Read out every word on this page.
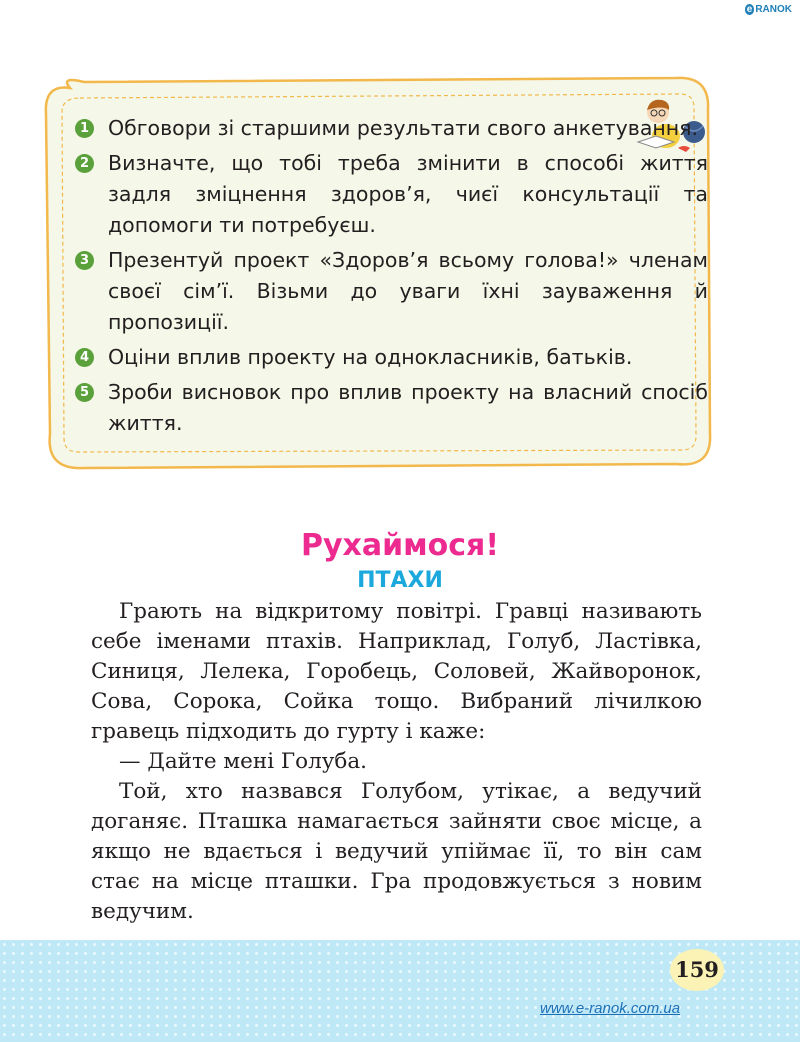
e RANOK
1 Обговори зі старшими результати свого анкетування.
2 Визначте, що тобі треба змінити в способі життя задля зміцнення здоров’я, чиєї консультації та допомоги ти потребуєш.
3 Презентуй проект «Здоров’я всьому голова!» членам своєї сім’ї. Візьми до уваги їхні зауваження й пропозиції.
4 Оціни вплив проекту на однокласників, батьків.
5 Зроби висновок про вплив проекту на власний спосіб життя.
Рухаймося!
ПТАХИ

Грають на відкритому повітрі. Гравці називають себе іменами птахів. Наприклад, Голуб, Ластівка, Синиця, Лелека, Горобець, Соловей, Жайворонок, Сова, Сорока, Сойка тощо. Вибраний лічилкою гравець підходить до гурту і каже:

— Дайте мені Голуба.

Той, хто назвався Голубом, утікає, а ведучий доганяє. Пташка намагається зайняти своє місце, а якщо не вдається і ведучий упіймає її, то він сам стає на місце пташки. Гра продовжується з новим ведучим.

159
www.e-ranok.com.ua
